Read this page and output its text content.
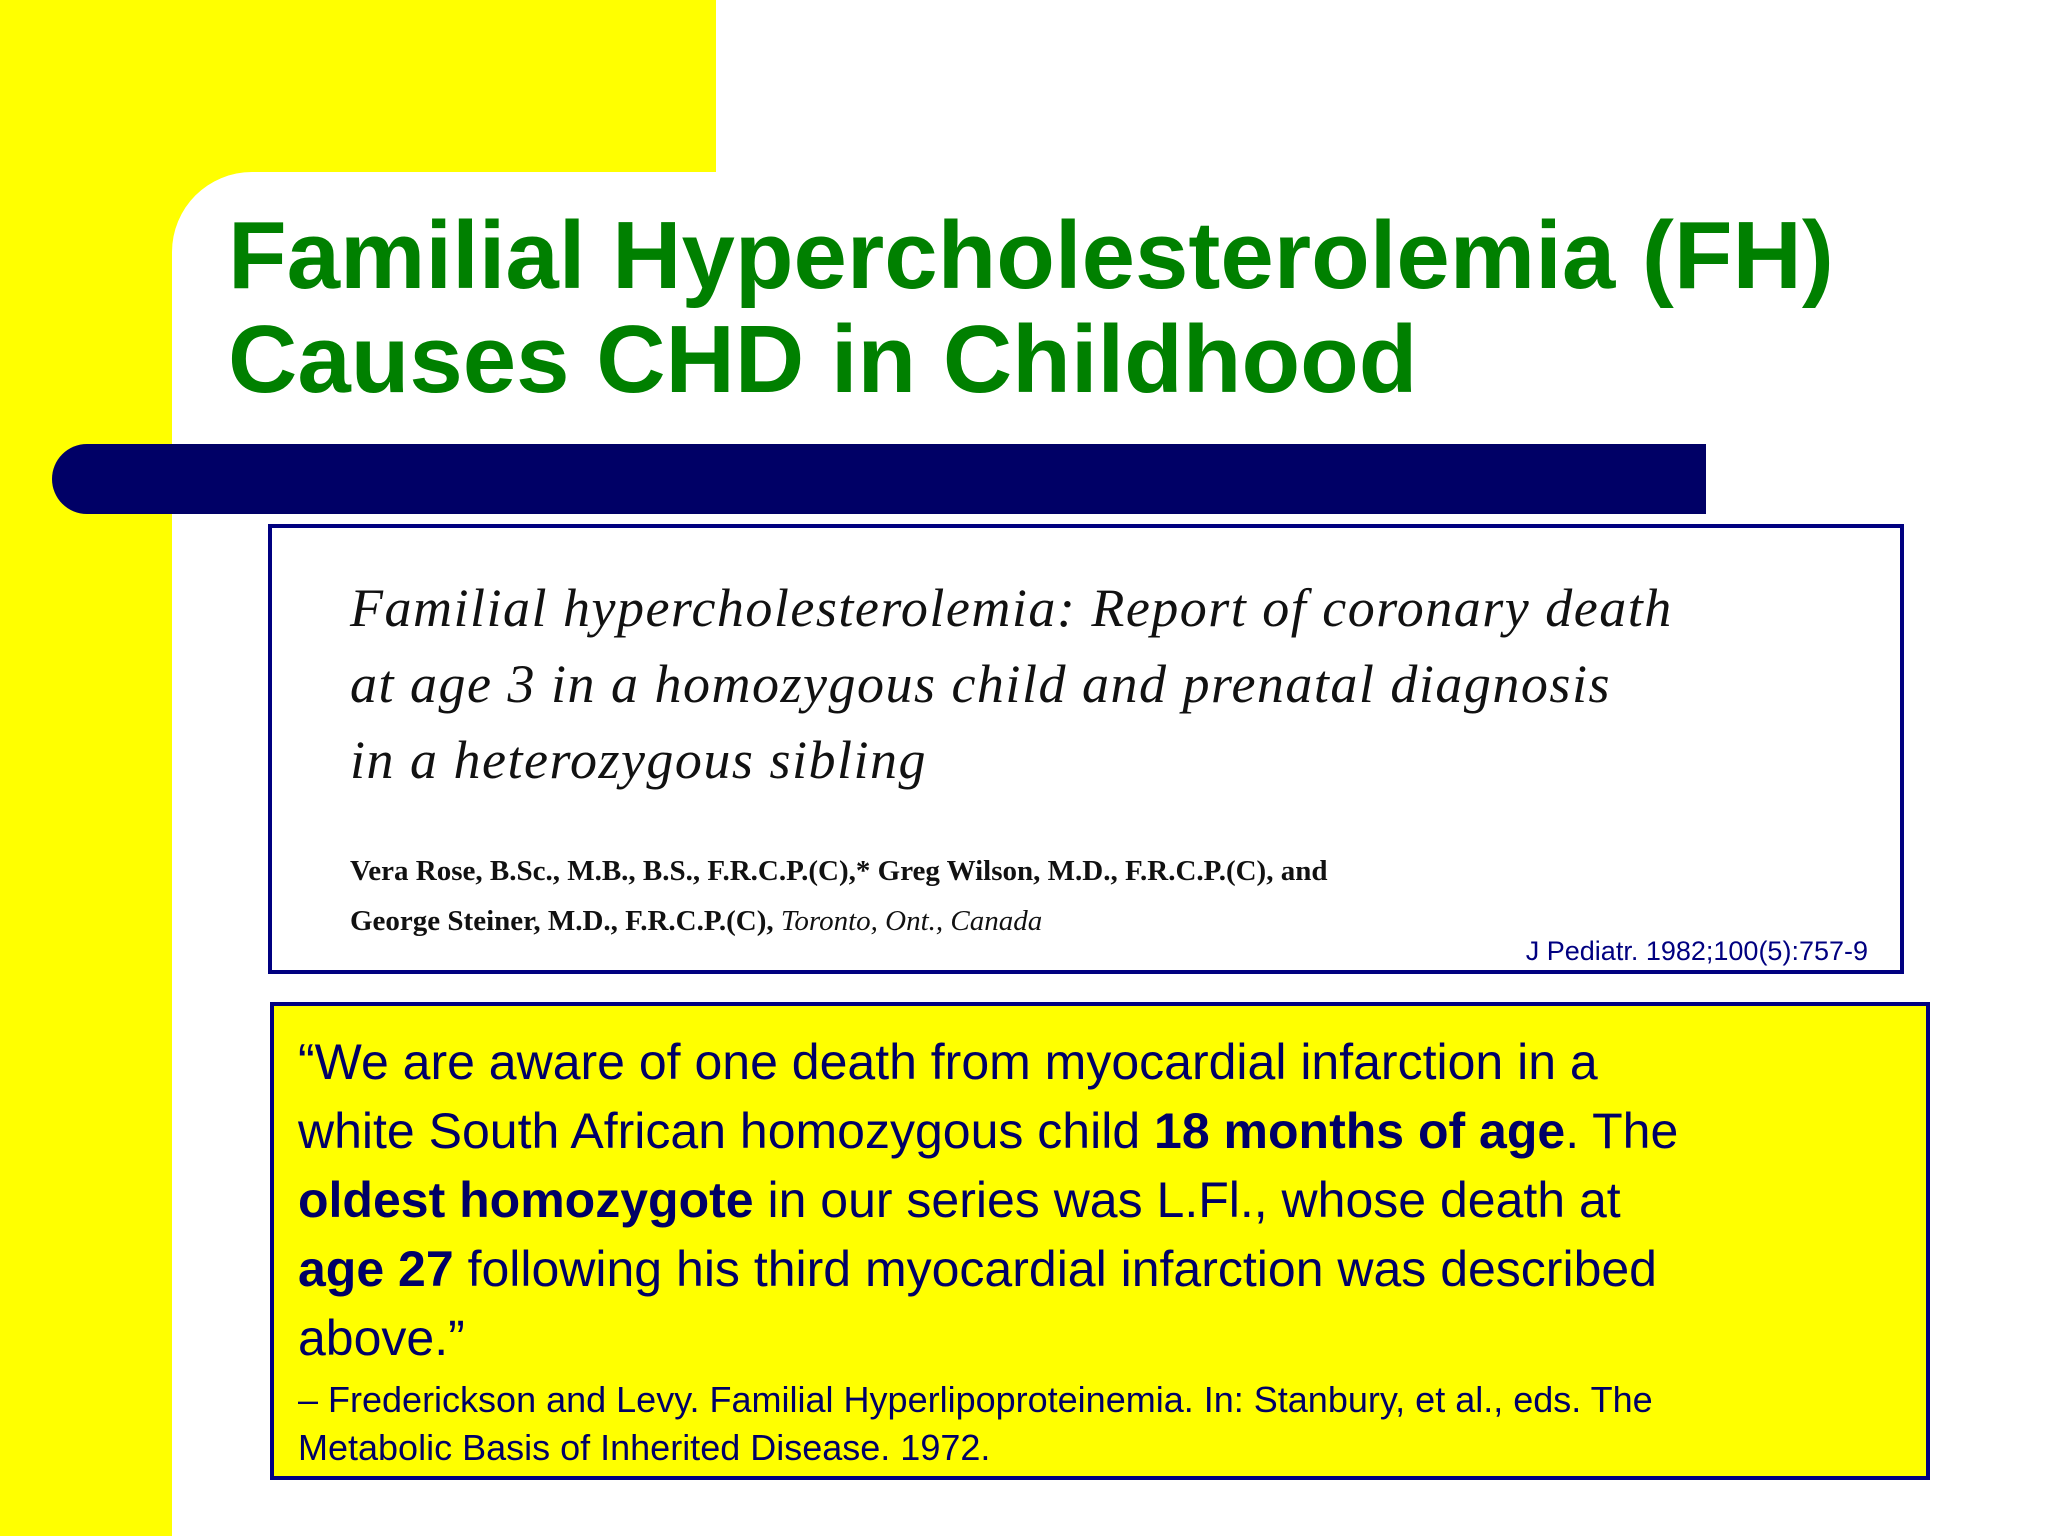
Familial Hypercholesterolemia (FH)
Causes CHD in Childhood

Familial hypercholesterolemia: Report of coronary death
at age 3 in a homozygous child and prenatal diagnosis
in a heterozygous sibling

Vera Rose, B.Sc., M.B., B.S., F.R.C.P.(C),* Greg Wilson, M.D., F.R.C.P.(C), and
George Steiner, M.D., F.R.C.P.(C), Toronto, Ont., Canada
J Pediatr. 1982;100(5):757-9

“We are aware of one death from myocardial infarction in a
white South African homozygous child 18 months of age. The
oldest homozygote in our series was L.Fl., whose death at
age 27 following his third myocardial infarction was described
above.”

– Frederickson and Levy. Familial Hyperlipoproteinemia. In: Stanbury, et al., eds. The
Metabolic Basis of Inherited Disease. 1972.
